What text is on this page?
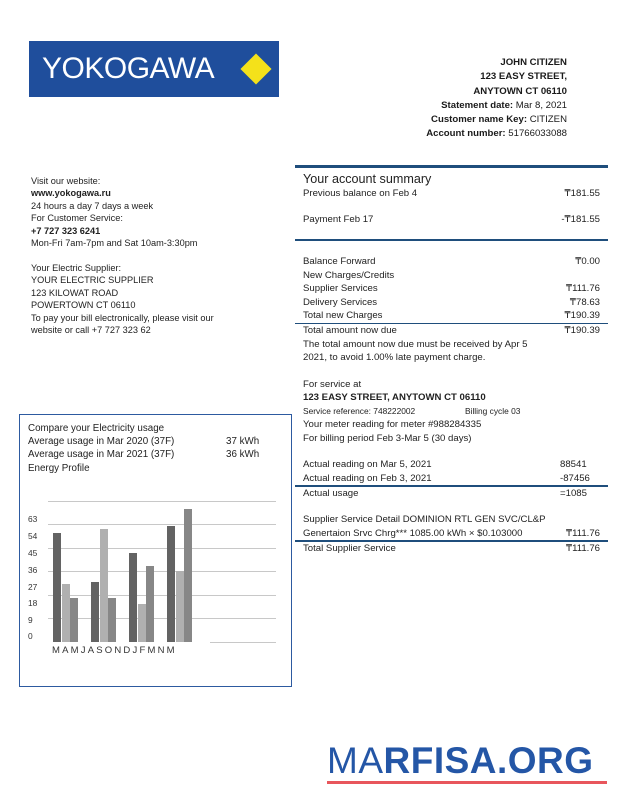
YOKOGAWA	JOHN CITIZEN
123 EASY STREET,
ANYTOWN CT 06110
Statement date: Mar 8, 2021
Customer name Key: CITIZEN
Account number: 51766033088
Visit our website:
www.yokogawa.ru
24 hours a day 7 days a week
For Customer Service:
+7 727 323 6241
Mon-Fri 7am-7pm and Sat 10am-3:30pm
Your Electric Supplier:
YOUR ELECTRIC SUPPLIER
123 KILOWAT ROAD
POWERTOWN CT 06110
To pay your bill electronically, please visit our
website or call +7 727 323 62
Your account summary
Previous balance on Feb 4	₸181.55
Payment Feb 17	-₸181.55
Balance Forward	₸0.00
New Charges/Credits
Supplier Services	₸111.76
Delivery Services	₸78.63
Total new Charges	₸190.39
Total amount now due	₸190.39
The total amount now due must be received by Apr 5
2021, to avoid 1.00% late payment charge.
For service at
123 EASY STREET, ANYTOWN CT 06110
Service reference: 748222002	Billing cycle 03
Your meter reading for meter #988284335
For billing period Feb 3-Mar 5 (30 days)
Actual reading on Mar 5, 2021	88541
Actual reading on Feb 3, 2021	-87456
Actual usage	=1085
Supplier Service Detail DOMINION RTL GEN SVC/CL&P
Genertaion Srvc Chrg*** 1085.00 kWh × $0.103000	₸111.76
Total Supplier Service	₸111.76
Compare your Electricity usage
Average usage in Mar 2020 (37F)	37 kWh
Average usage in Mar 2021 (37F)	36 kWh
Energy Profile
63
54
45
36
27
18
9
0
MAMJASONDJFMNM
MARFISA.ORG
